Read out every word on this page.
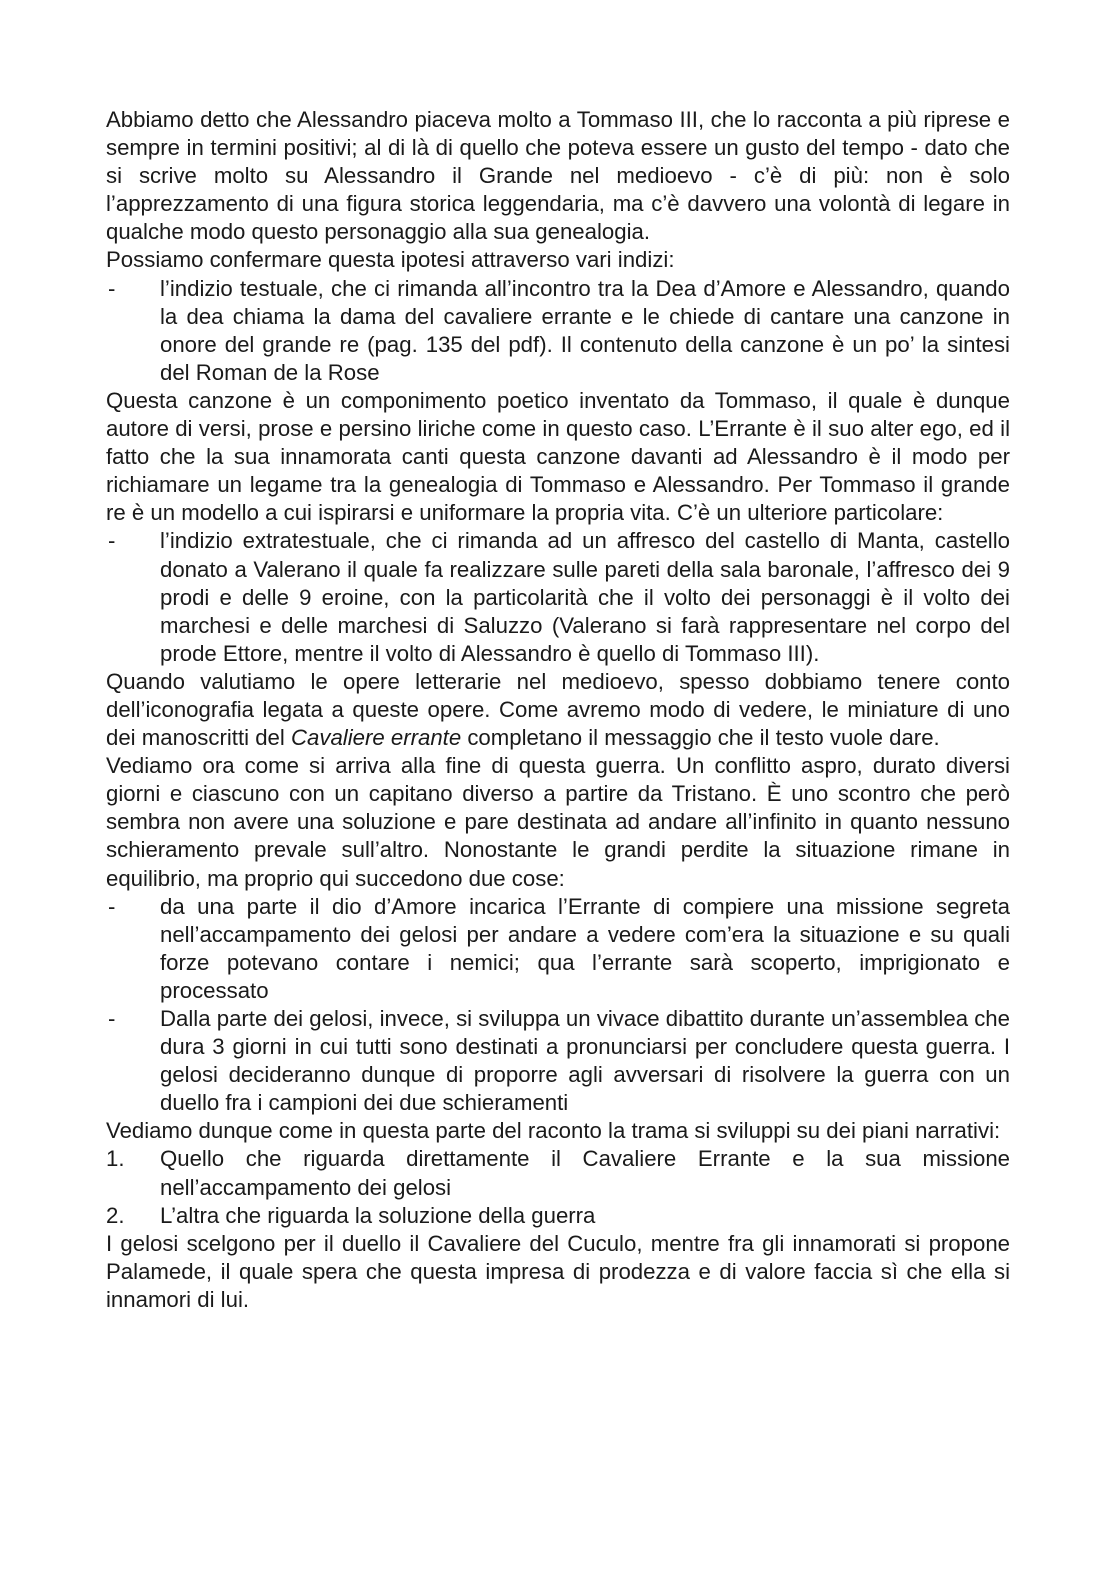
Abbiamo detto che Alessandro piaceva molto a Tommaso III, che lo racconta a più riprese e sempre in termini positivi; al di là di quello che poteva essere un gusto del tempo - dato che si scrive molto su Alessandro il Grande nel medioevo - c’è di più: non è solo l’apprezzamento di una figura storica leggendaria, ma c’è davvero una volontà di legare in qualche modo questo personaggio alla sua genealogia.

Possiamo confermare questa ipotesi attraverso vari indizi:

-	l’indizio testuale, che ci rimanda all’incontro tra la Dea d’Amore e Alessandro, quando la dea chiama la dama del cavaliere errante e le chiede di cantare una canzone in onore del grande re (pag. 135 del pdf). Il contenuto della canzone è un po’ la sintesi del Roman de la Rose

Questa canzone è un componimento poetico inventato da Tommaso, il quale è dunque autore di versi, prose e persino liriche come in questo caso. L’Errante è il suo alter ego, ed il fatto che la sua innamorata canti questa canzone davanti ad Alessandro è il modo per richiamare un legame tra la genealogia di Tommaso e Alessandro. Per Tommaso il grande re è un modello a cui ispirarsi e uniformare la propria vita. C’è un ulteriore particolare:

-	l’indizio extratestuale, che ci rimanda ad un affresco del castello di Manta, castello donato a Valerano il quale fa realizzare sulle pareti della sala baronale, l’affresco dei 9 prodi e delle 9 eroine, con la particolarità che il volto dei personaggi è il volto dei marchesi e delle marchesi di Saluzzo (Valerano si farà rappresentare nel corpo del prode Ettore, mentre il volto di Alessandro è quello di Tommaso III).

Quando valutiamo le opere letterarie nel medioevo, spesso dobbiamo tenere conto dell’iconografia legata a queste opere. Come avremo modo di vedere, le miniature di uno dei manoscritti del Cavaliere errante completano il messaggio che il testo vuole dare.

Vediamo ora come si arriva alla fine di questa guerra. Un conflitto aspro, durato diversi giorni e ciascuno con un capitano diverso a partire da Tristano. È uno scontro che però sembra non avere una soluzione e pare destinata ad andare all’infinito in quanto nessuno schieramento prevale sull’altro. Nonostante le grandi perdite la situazione rimane in equilibrio, ma proprio qui succedono due cose:

-	da una parte il dio d’Amore incarica l’Errante di compiere una missione segreta nell’accampamento dei gelosi per andare a vedere com’era la situazione e su quali forze potevano contare i nemici; qua l’errante sarà scoperto, imprigionato e processato
-	Dalla parte dei gelosi, invece, si sviluppa un vivace dibattito durante un’assemblea che dura 3 giorni in cui tutti sono destinati a pronunciarsi per concludere questa guerra. I gelosi decideranno dunque di proporre agli avversari di risolvere la guerra con un duello fra i campioni dei due schieramenti

Vediamo dunque come in questa parte del raconto la trama si sviluppi su dei piani narrativi:

1.	Quello che riguarda direttamente il Cavaliere Errante e la sua missione nell’accampamento dei gelosi
2.	L’altra che riguarda la soluzione della guerra

I gelosi scelgono per il duello il Cavaliere del Cuculo, mentre fra gli innamorati si propone Palamede, il quale spera che questa impresa di prodezza e di valore faccia sì che ella si innamori di lui.
